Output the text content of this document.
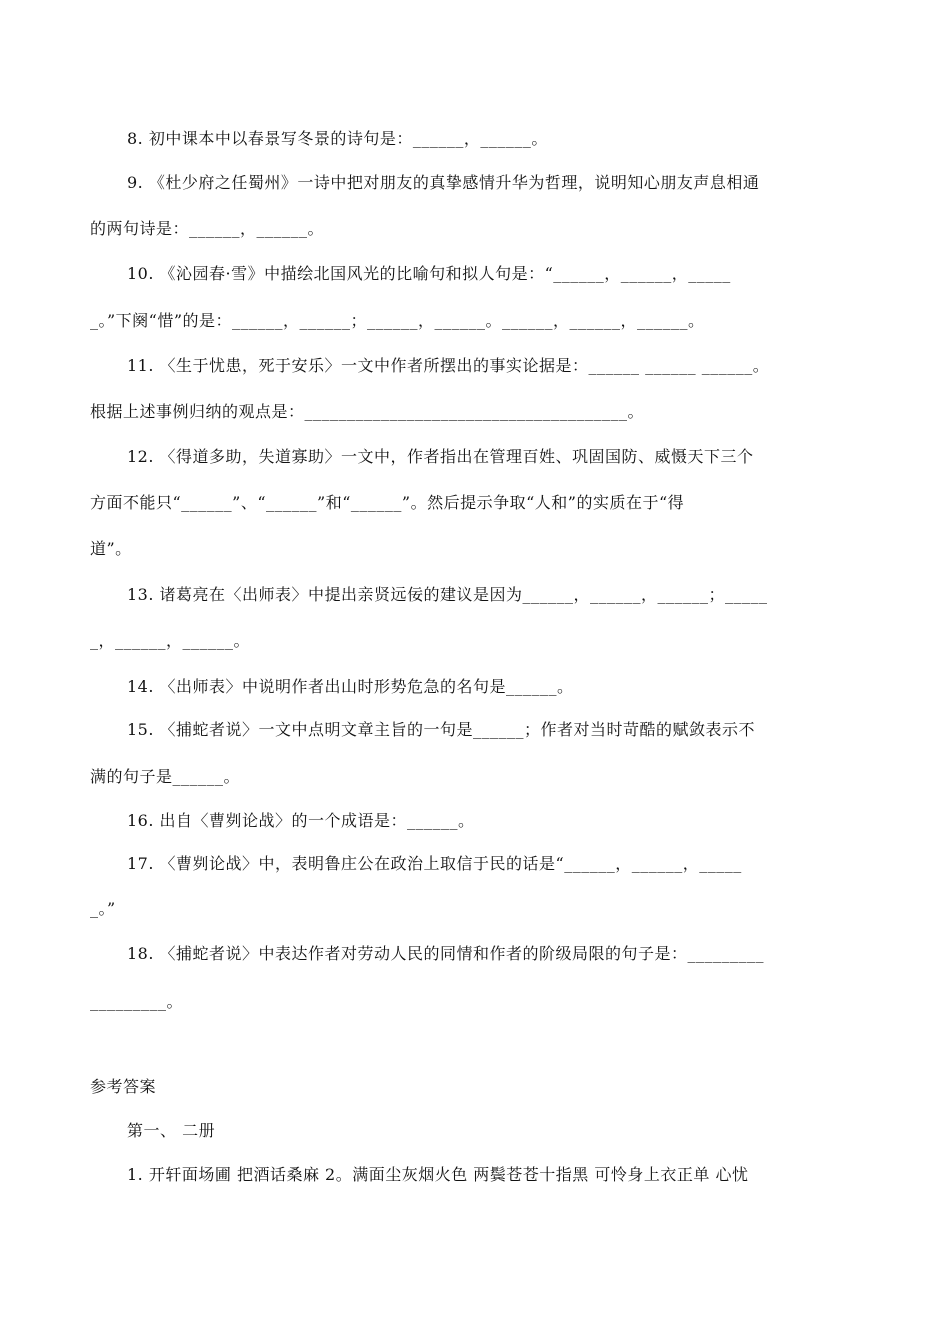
8. 初中课本中以春景写冬景的诗句是：______，______。
9. 《杜少府之任蜀州》一诗中把对朋友的真挚感情升华为哲理，说明知心朋友声息相通
的两句诗是：______，______。
10. 《沁园春·雪》中描绘北国风光的比喻句和拟人句是：“______，______，_____
_。”下阕“惜”的是：______，______；______，______。______，______，______。
11. 〈生于忧患，死于安乐〉一文中作者所摆出的事实论据是：______ ______ ______。
根据上述事例归纳的观点是：______________________________________。
12. 〈得道多助，失道寡助〉一文中，作者指出在管理百姓、巩固国防、威慑天下三个
方面不能只“______”、“______”和“______”。然后提示争取“人和”的实质在于“得
道”。
13. 诸葛亮在〈出师表〉中提出亲贤远佞的建议是因为______，______，______；_____
_，______，______。
14. 〈出师表〉中说明作者出山时形势危急的名句是______。
15. 〈捕蛇者说〉一文中点明文章主旨的一句是______；作者对当时苛酷的赋敛表示不
满的句子是______。
16. 出自〈曹刿论战〉的一个成语是：______。
17. 〈曹刿论战〉中，表明鲁庄公在政治上取信于民的话是“______，______，_____
_。”
18. 〈捕蛇者说〉中表达作者对劳动人民的同情和作者的阶级局限的句子是：_________
_________。
参考答案
第一、 二册
1. 开轩面场圃 把酒话桑麻 2。满面尘灰烟火色 两鬓苍苍十指黑 可怜身上衣正单 心忧
